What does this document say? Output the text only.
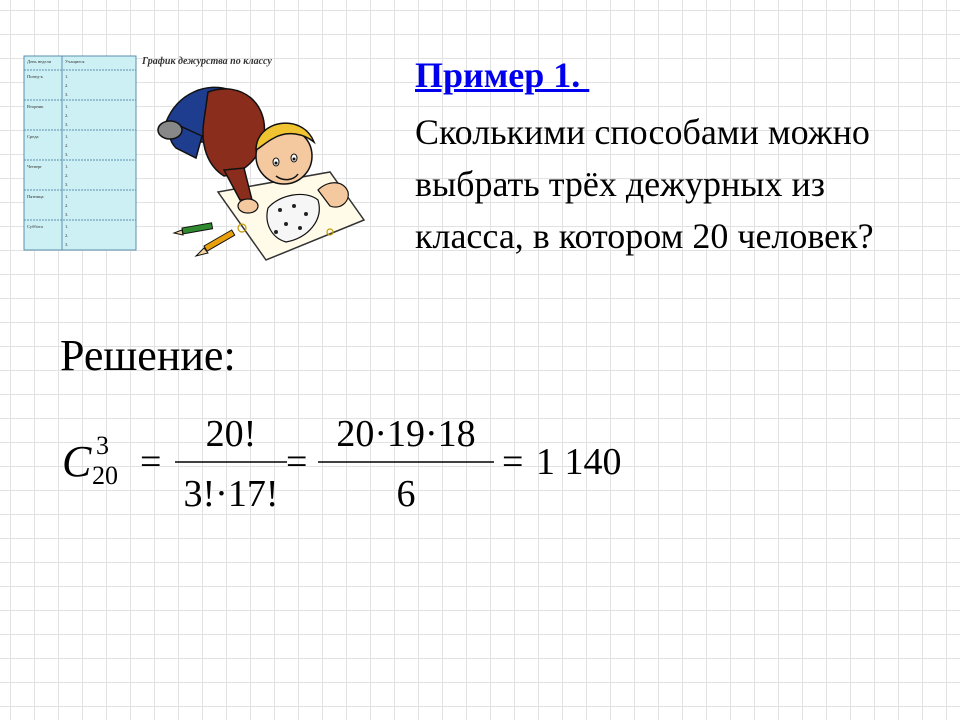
День недели	Учащиеся
Понед-к
Вторник
Среда
Четверг
Пятница
Суббота
1.
2.
3.
1.
2.
3.
1.
2.
3.
1.
2.
3.
1.
2.
3.
1.
2.
3.
График дежурства по классу	Пример 1.
Сколькими способами можно выбрать трёх дежурных из класса, в котором 20 человек?
Решение:
C 3
20 =
20!
3!·17!
=
20·19·18
6
= 1 140
